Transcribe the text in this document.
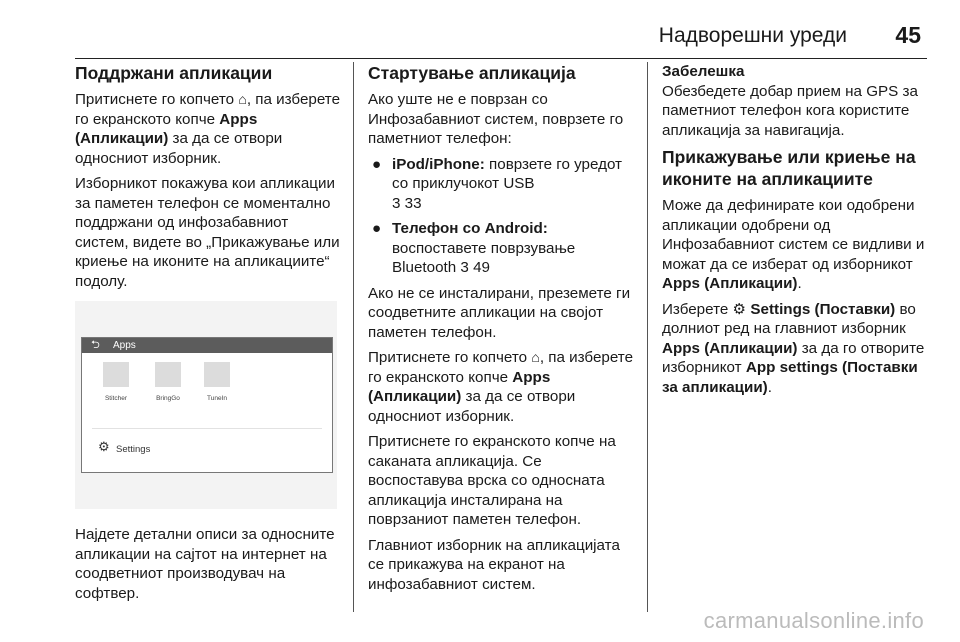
Надворешни уреди 45
Поддржани апликации

Притиснете го копчето ⌂, па изберете го екранското копче Apps (Апликации) за да се отвори односниот изборник.

Изборникот покажува кои апликации за паметен телефон се моментално поддржани од инфозабавниот систем, видете во „Прикажување или криење на иконите на апликациите“ подолу.

⮌ Apps
Stitcher	BringGo	TuneIn
⚙ Settings

Најдете детални описи за односните апликации на сајтот на интернет на соодветниот производувач на софтвер.

Стартување апликација

Ако уште не е поврзан со Инфозабавниот систем, поврзете го паметниот телефон:

● iPod/iPhone: поврзете го уредот со приклучокот USB
3 33
● Телефон со Android: воспоставете поврзување Bluetooth 3 49

Ако не се инсталирани, преземете ги соодветните апликации на својот паметен телефон.

Притиснете го копчето ⌂, па изберете го екранското копче Apps (Апликации) за да се отвори односниот изборник.

Притиснете го екранското копче на саканата апликација. Се воспоставува врска со односната апликација инсталирана на поврзаниот паметен телефон.

Главниот изборник на апликацијата се прикажува на екранот на инфозабавниот систем.

Забелешка

Обезбедете добар прием на GPS за паметниот телефон кога користите апликација за навигација.

Прикажување или криење на иконите на апликациите

Може да дефинирате кои одобрени апликации одобрени од Инфозабавниот систем се видливи и можат да се изберат од изборникот Apps (Апликации).

Изберете ⚙ Settings (Поставки) во долниот ред на главниот изборник Apps (Апликации) за да го отворите изборникот App settings (Поставки за апликации).

carmanualsonline.info
